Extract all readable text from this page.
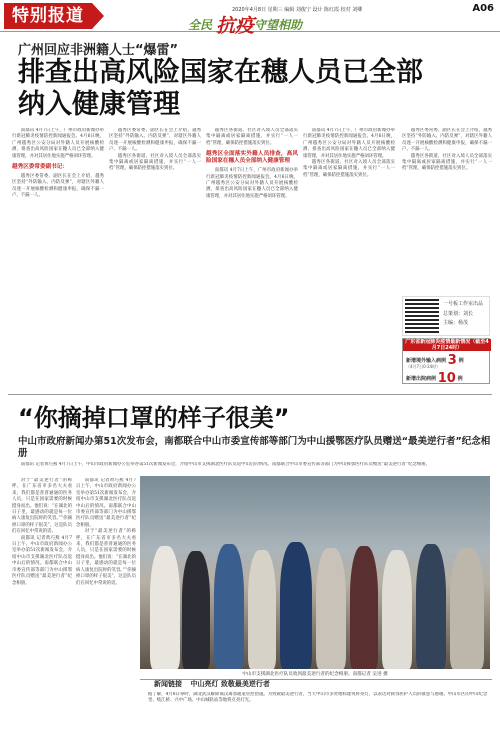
特别报道	全民 抗疫 守望相助
2020年4月8日 星期三 编辑 刘俊宁 设计 陈红霞 校对 刘卿	A06
广州回应非洲籍人士“爆雷”
排查出高风险国家在穗人员已全部纳入健康管理

南都讯 4月7日上午，广州市政府新闻办举行新冠肺炎疫情防控新闻通报会。4月6日晚，广州越秀区公安分局对外籍人员开展核酸检测，排查出高风险国家在穗人员已全部纳入健康管理，并对其居住地实施严格闭环管理。

越秀区委常委副书记：

越秀区委常委、副区长在会上介绍，越秀区坚持“外防输入、内防反弹”，对辖区外籍人员逐一开展核酸检测和健康申报，确保不漏一户、不漏一人。

越秀区委常委、副区长在会上介绍，越秀区坚持“外防输入、内防反弹”，对辖区外籍人员逐一开展核酸检测和健康申报，确保不漏一户、不漏一人。

越秀区各街道、社区对入境人员全部落实集中隔离或居家隔离措施，并实行“一人一档”管理，确保防控措施落实到位。

越秀区各街道、社区对入境人员全部落实集中隔离或居家隔离措施，并实行“一人一档”管理，确保防控措施落实到位。

越秀区全面落实外籍人员排查，高风险国家在穗人员全部纳入健康管理

南都讯 4月7日上午，广州市政府新闻办举行新冠肺炎疫情防控新闻通报会。4月6日晚，广州越秀区公安分局对外籍人员开展核酸检测，排查出高风险国家在穗人员已全部纳入健康管理，并对其居住地实施严格闭环管理。

南都讯 4月7日上午，广州市政府新闻办举行新冠肺炎疫情防控新闻通报会。4月6日晚，广州越秀区公安分局对外籍人员开展核酸检测，排查出高风险国家在穗人员已全部纳入健康管理，并对其居住地实施严格闭环管理。

越秀区各街道、社区对入境人员全部落实集中隔离或居家隔离措施，并实行“一人一档”管理，确保防控措施落实到位。

越秀区委常委、副区长在会上介绍，越秀区坚持“外防输入、内防反弹”，对辖区外籍人员逐一开展核酸检测和健康申报，确保不漏一户、不漏一人。

越秀区各街道、社区对入境人员全部落实集中隔离或居家隔离措施，并实行“一人一档”管理，确保防控措施落实到位。

一号板工作室出品
总策划：刘长
主编：杨茂
广东省新冠肺炎疫情最新情况（截至4月7日24时）
新增境外输入病例 3 例
（4月7日0-24时）
新增出院病例 10 例
“你摘掉口罩的样子很美”
中山市政府新闻办第51次发布会，南都联合中山市委宣传部等部门为中山援鄂医疗队员赠送“最美逆行者”纪念相册

南都讯 记者黄巧燕 4月7日上午，中山市政府新闻办公室举办第51次新闻发布会，介绍中山市支援湖北医疗队员返中山后的情况。南都联合中山市委宣传部等部门为中山援鄂医疗队员赠送“最美逆行者”纪念相册。

对于“最美逆行者”的称呼，在广东省市多名大夫看来，我们都是普普通通的医务人员，只是在国家需要的时候挺身而出。他们说：“在湖北的日子里，最感动的就是每一位病人康复出院时的笑容。”“你摘掉口罩的样子很美”，这是队员们在回忆中常说的话。

南都讯 记者黄巧燕 4月7日上午，中山市政府新闻办公室举办第51次新闻发布会，介绍中山市支援湖北医疗队员返中山后的情况。南都联合中山市委宣传部等部门为中山援鄂医疗队员赠送“最美逆行者”纪念相册。

南都讯 记者黄巧燕 4月7日上午，中山市政府新闻办公室举办第51次新闻发布会，介绍中山市支援湖北医疗队员返中山后的情况。南都联合中山市委宣传部等部门为中山援鄂医疗队员赠送“最美逆行者”纪念相册。

对于“最美逆行者”的称呼，在广东省市多名大夫看来，我们都是普普通通的医务人员，只是在国家需要的时候挺身而出。他们说：“在湖北的日子里，最感动的就是每一位病人康复出院时的笑容。”“你摘掉口罩的样子很美”，这是队员们在回忆中常说的话。

中山市支援湖北医疗队员收到最美逆行者的纪念相册。南都记者 吴进 摄
新闻链接 中山亮灯 致敬最美逆行者

据了解，4月8日零时，湖北武汉解除离汉离鄂通道管控措施。为致敬最美逆行者，当天中山市多处地标建筑将亮灯，以表达对援鄂医护人员的敬意与感谢。中山市区的中山纪念堂、岐江桥、兴中广场、中山城轨站等地将点亮灯光。
